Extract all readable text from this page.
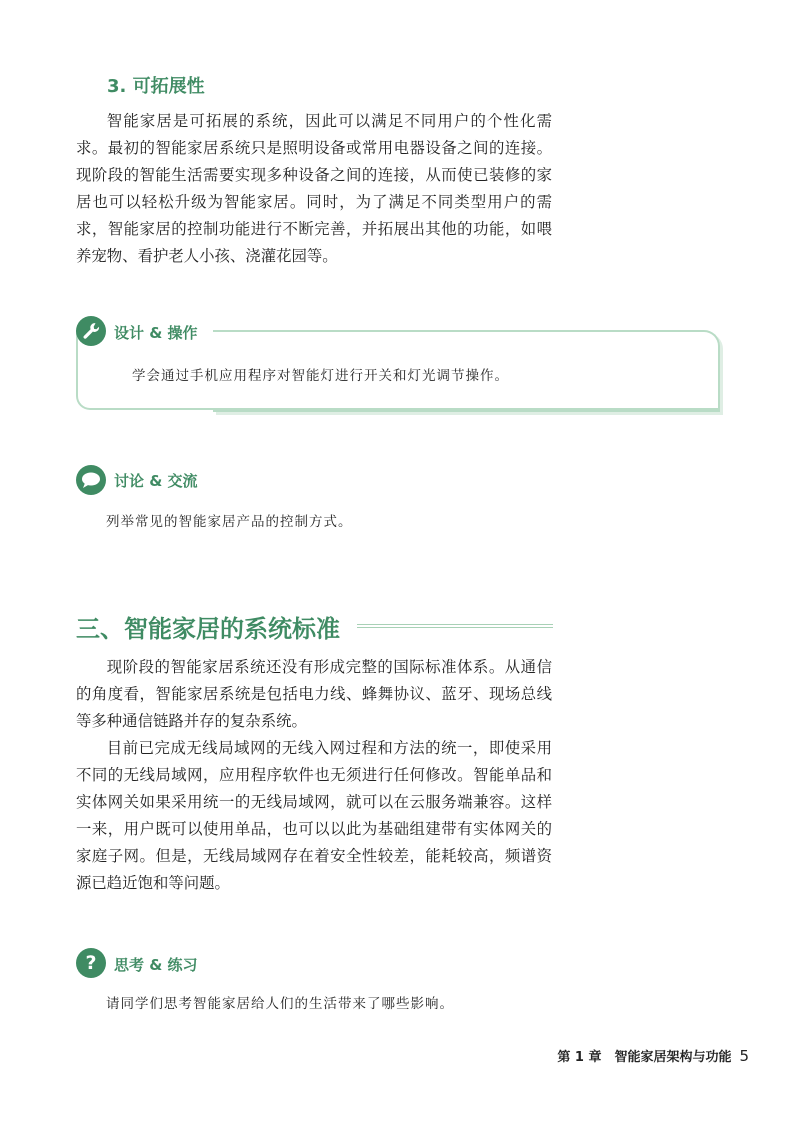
3. 可拓展性

智能家居是可拓展的系统，因此可以满足不同用户的个性化需求。最初的智能家居系统只是照明设备或常用电器设备之间的连接。现阶段的智能生活需要实现多种设备之间的连接，从而使已装修的家居也可以轻松升级为智能家居。同时，为了满足不同类型用户的需求，智能家居的控制功能进行不断完善，并拓展出其他的功能，如喂养宠物、看护老人小孩、浇灌花园等。

设计 & 操作
学会通过手机应用程序对智能灯进行开关和灯光调节操作。
讨论 & 交流
列举常见的智能家居产品的控制方式。
三、智能家居的系统标准

现阶段的智能家居系统还没有形成完整的国际标准体系。从通信的角度看，智能家居系统是包括电力线、蜂舞协议、蓝牙、现场总线等多种通信链路并存的复杂系统。

目前已完成无线局域网的无线入网过程和方法的统一，即使采用不同的无线局域网，应用程序软件也无须进行任何修改。智能单品和实体网关如果采用统一的无线局域网，就可以在云服务端兼容。这样一来，用户既可以使用单品，也可以以此为基础组建带有实体网关的家庭子网。但是，无线局域网存在着安全性较差，能耗较高，频谱资源已趋近饱和等问题。

?	思考 & 练习
请同学们思考智能家居给人们的生活带来了哪些影响。
第 1 章　智能家居架构与功能 5
